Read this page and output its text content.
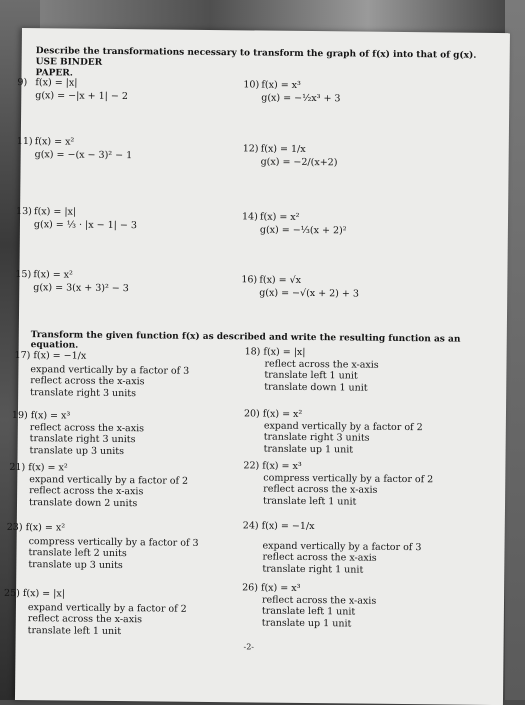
Describe the transformations necessary to transform the graph of f(x) into that of g(x). USE BINDER
PAPER.
f(x) = |x|
g(x) = −|x + 1| − 2
f(x) = x²
g(x) = −(x − 3)² − 1
f(x) = |x|
g(x) = ⅓ · |x − 1| − 3
f(x) = x²
g(x) = 3(x + 3)² − 3
f(x) = x³
g(x) = −½x³ + 3
f(x) = 1/x
g(x) = −2/(x+2)
f(x) = x²
g(x) = −⅓(x + 2)²
f(x) = √x
g(x) = −√(x + 2) + 3
9)
11)
13)
15)
10)
12)
14)
16)
Transform the given function f(x) as described and write the resulting function as an equation.
17) f(x) = −1/x
expand vertically by a factor of 3
reflect across the x-axis
translate right 3 units
19) f(x) = x³
reflect across the x-axis
translate right 3 units
translate up 3 units
21) f(x) = x²
expand vertically by a factor of 2
reflect across the x-axis
translate down 2 units
23) f(x) = x²
compress vertically by a factor of 3
translate left 2 units
translate up 3 units
25) f(x) = |x|
expand vertically by a factor of 2
reflect across the x-axis
translate left 1 unit
18) f(x) = |x|
reflect across the x-axis
translate left 1 unit
translate down 1 unit
20) f(x) = x²
expand vertically by a factor of 2
translate right 3 units
translate up 1 unit
22) f(x) = x³
compress vertically by a factor of 2
reflect across the x-axis
translate left 1 unit
24) f(x) = −1/x
expand vertically by a factor of 3
reflect across the x-axis
translate right 1 unit
26) f(x) = x³
reflect across the x-axis
translate left 1 unit
translate up 1 unit
-2-
